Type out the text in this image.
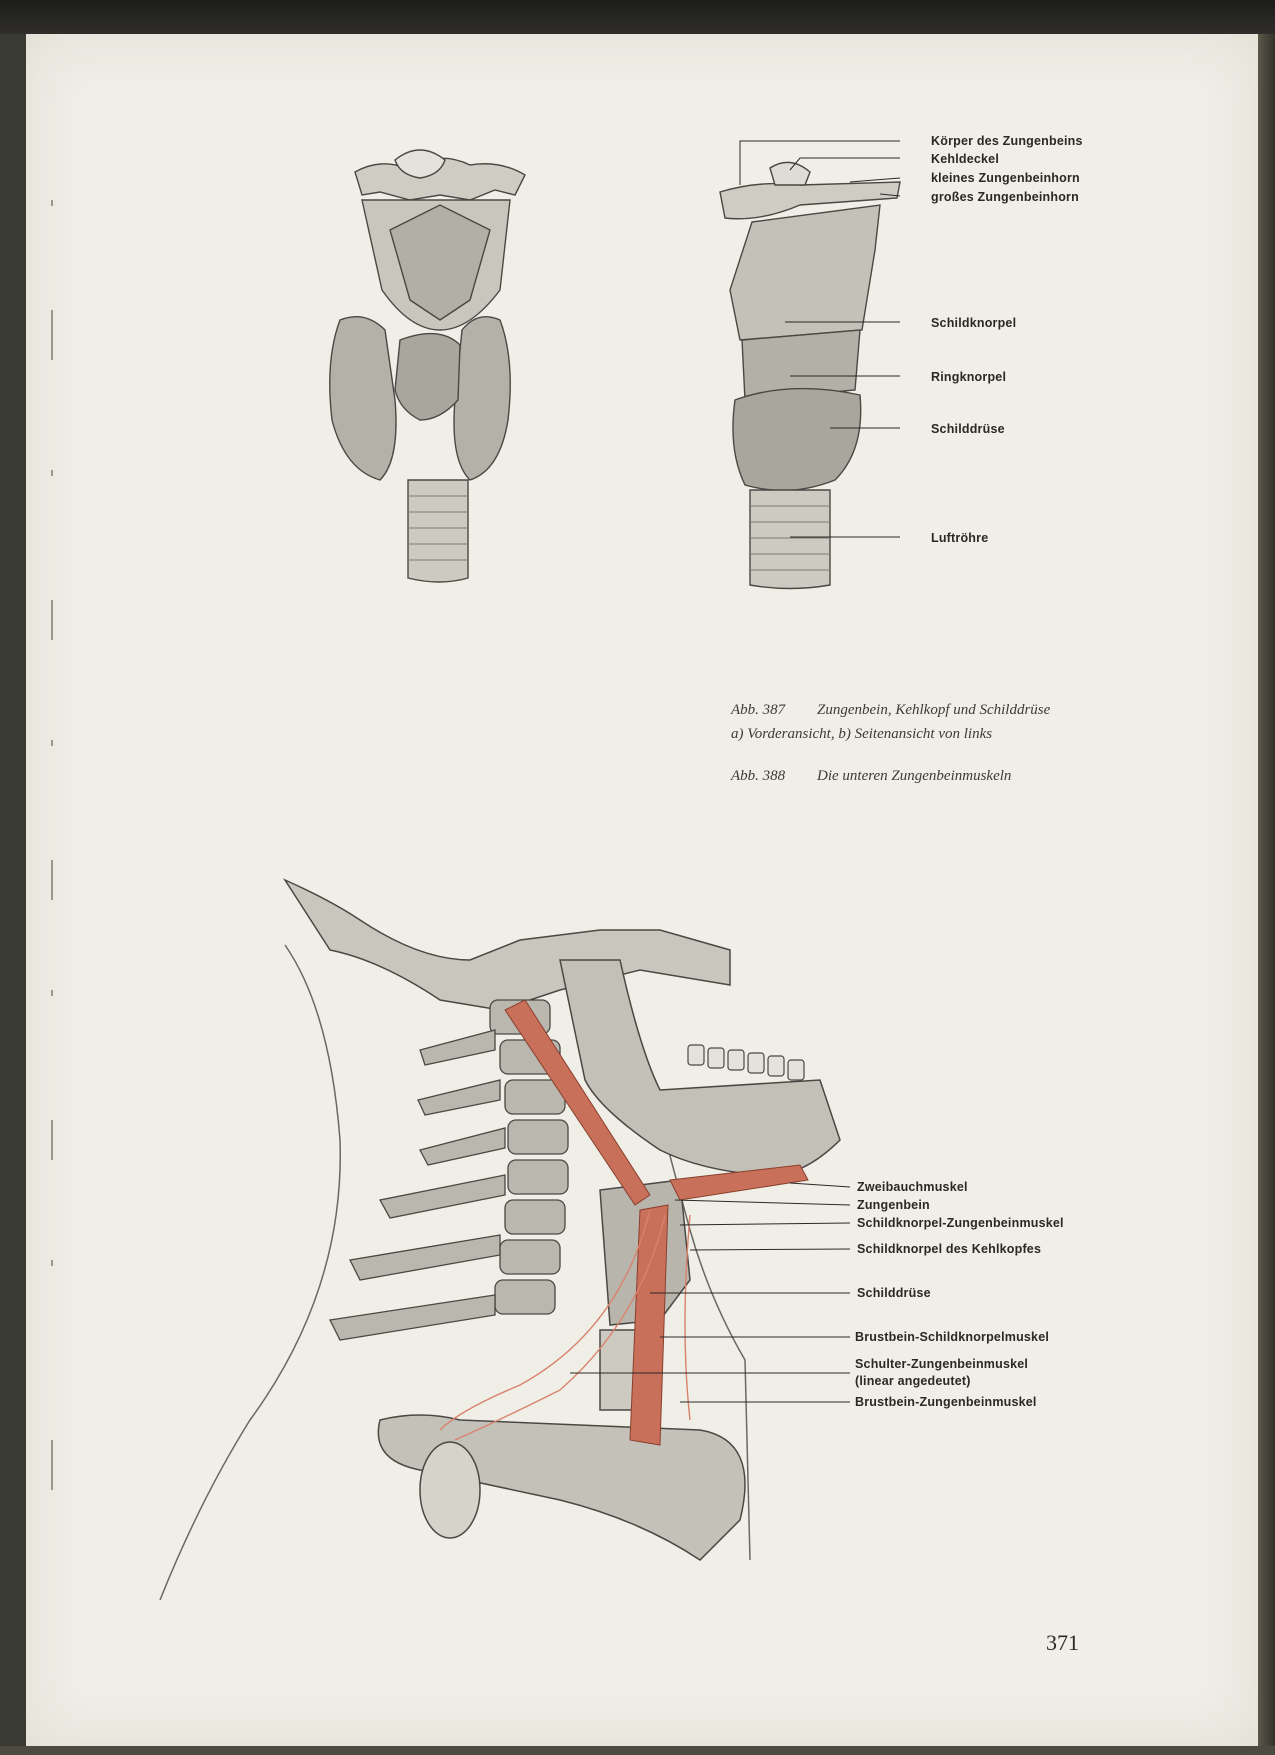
Körper des Zungenbeins
Kehldeckel
kleines Zungenbeinhorn
großes Zungenbeinhorn
Schildknorpel
Ringknorpel
Schilddrüse
Luftröhre
Abb. 387 Zungenbein, Kehlkopf und Schilddrüse
a) Vorderansicht, b) Seitenansicht von links
Abb. 388 Die unteren Zungenbeinmuskeln
Zweibauchmuskel
Zungenbein
Schildknorpel-Zungenbeinmuskel
Schildknorpel des Kehlkopfes
Schilddrüse
Brustbein-Schildknorpelmuskel
Schulter-Zungenbeinmuskel
(linear angedeutet)
Brustbein-Zungenbeinmuskel
371
